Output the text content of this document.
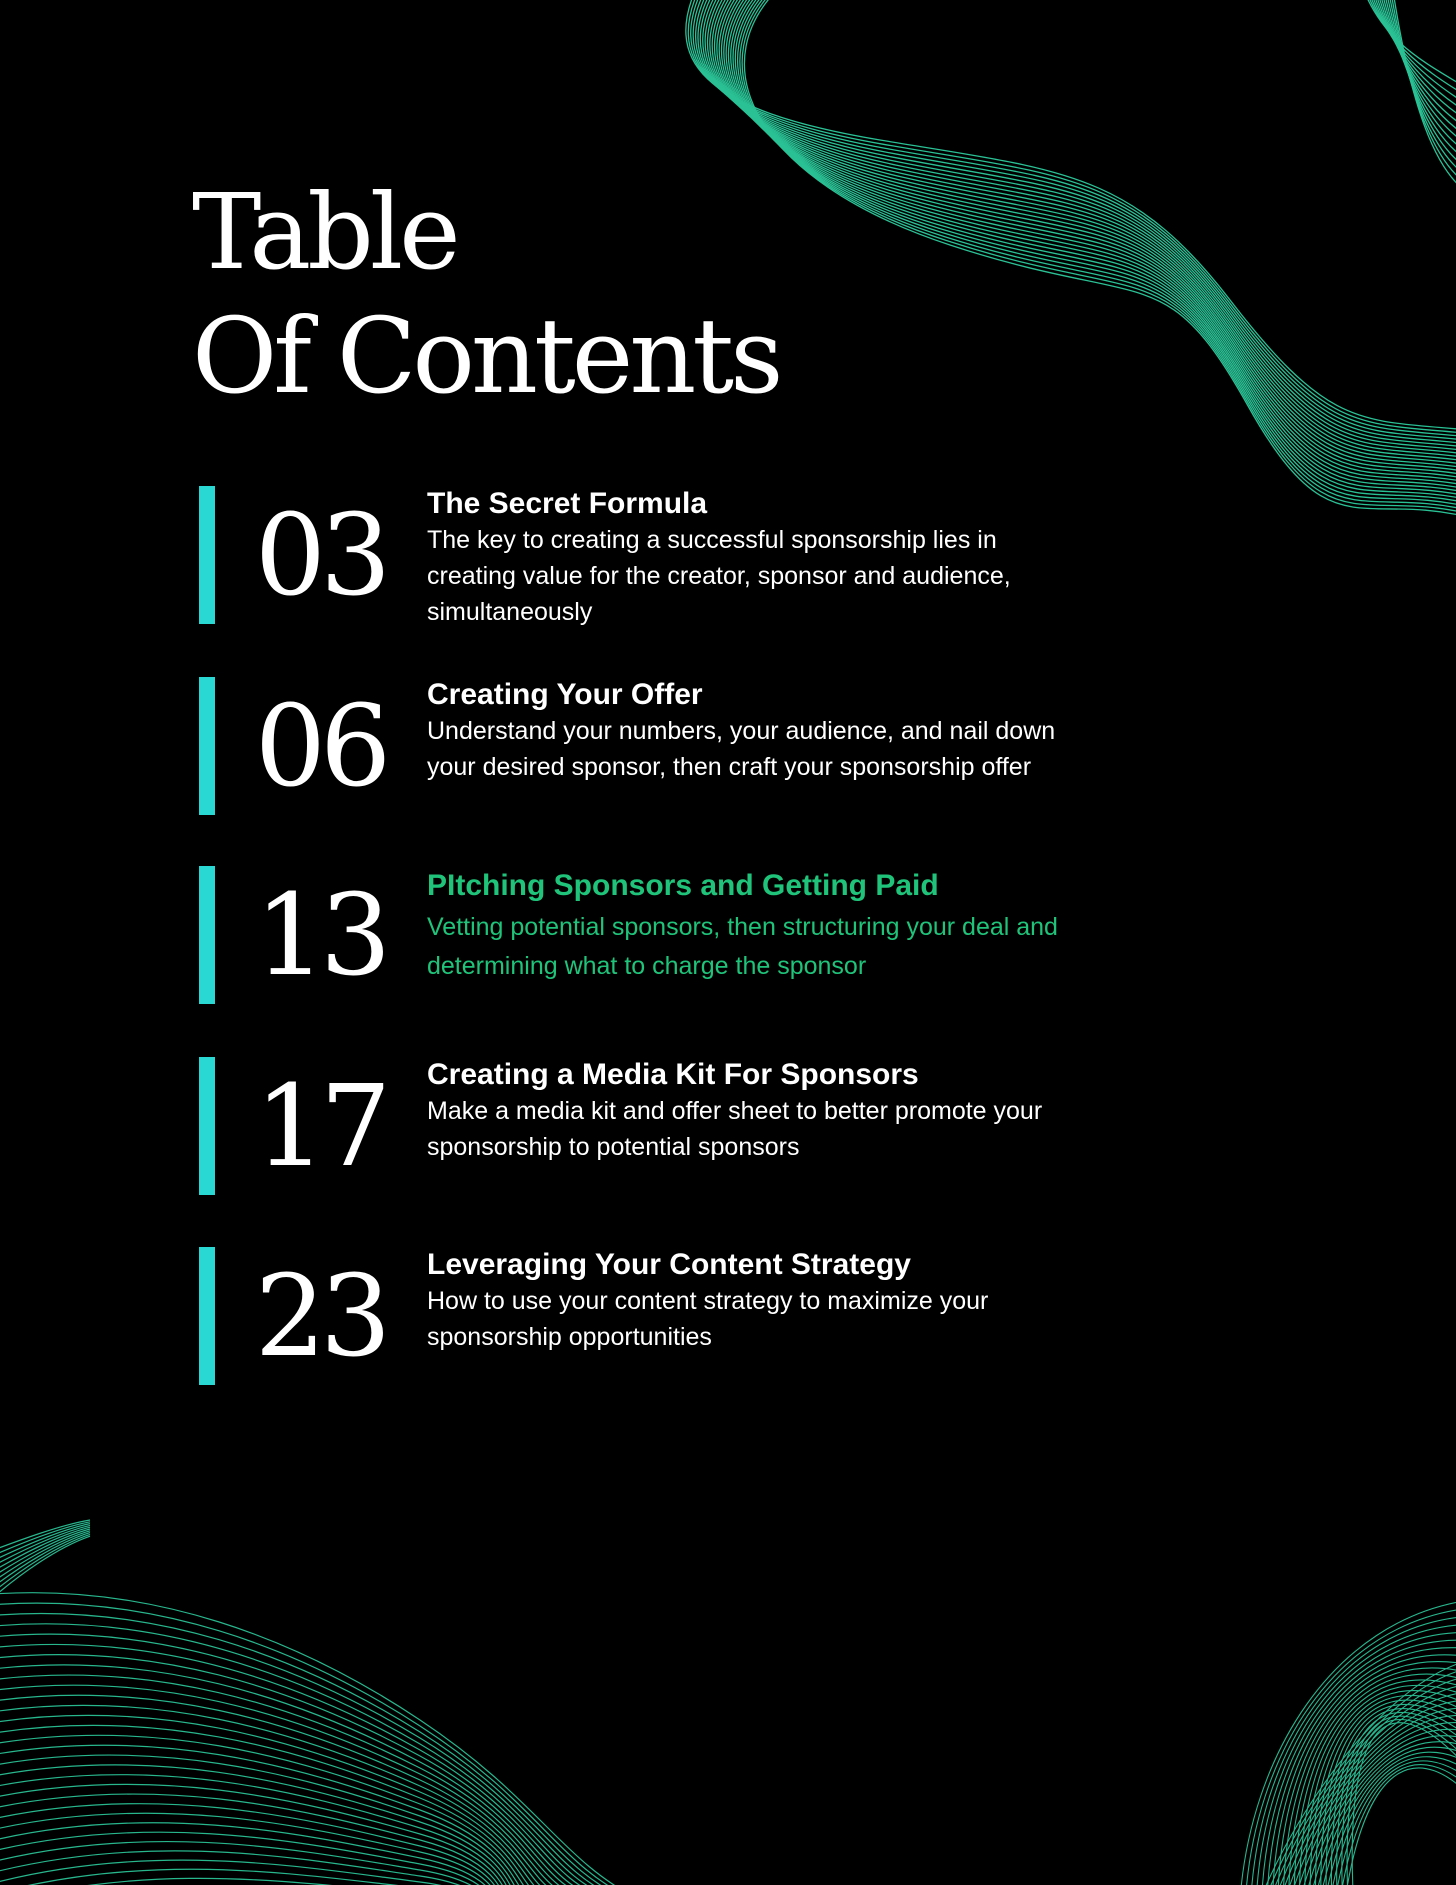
Table
Of Contents
03	The Secret Formula
The key to creating a successful sponsorship lies in creating value for the creator, sponsor and audience, simultaneously
06	Creating Your Offer
Understand your numbers, your audience, and nail down your desired sponsor, then craft your sponsorship offer
13	PItching Sponsors and Getting Paid
Vetting potential sponsors, then structuring your deal and determining what to charge the sponsor
17	Creating a Media Kit For Sponsors
Make a media kit and offer sheet to better promote your sponsorship to potential sponsors
23	Leveraging Your Content Strategy
How to use your content strategy to maximize your sponsorship opportunities
